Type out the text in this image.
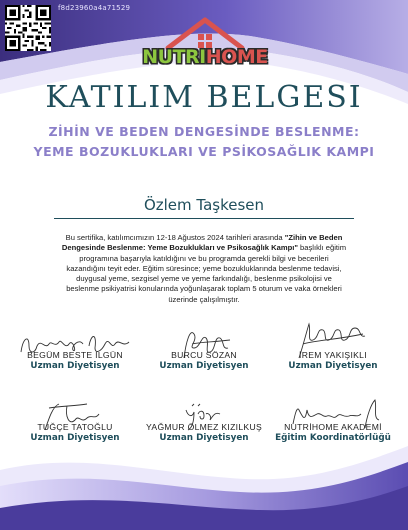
f8d23960a4a71529
NUTRIHOME
KATILIM BELGESI
ZİHİN VE BEDEN DENGESİNDE BESLENME:
YEME BOZUKLUKLARI VE PSİKOSAĞLIK KAMPI
Özlem Taşkesen
Bu sertifika, katılımcımızın 12-18 Ağustos 2024 tarihleri arasında "Zihin ve Beden
Dengesinde Beslenme: Yeme Bozuklukları ve Psikosağlık Kampı" başlıklı eğitim
programına başarıyla katıldığını ve bu programda gerekli bilgi ve becerileri
kazandığını teyit eder. Eğitim süresince; yeme bozukluklarında beslenme tedavisi,
duygusal yeme, sezgisel yeme ve yeme farkındalığı, beslenme psikolojisi ve
beslenme psikiyatrisi konularında yoğunlaşarak toplam 5 oturum ve vaka örnekleri
üzerinde çalışılmıştır.
BEGÜM BESTE İLGÜN
Uzman Diyetisyen
BURCU SÖZAN
Uzman Diyetisyen
İREM YAKIŞIKLI
Uzman Diyetisyen
TUĞÇE TATOĞLU
Uzman Diyetisyen
YAĞMUR ÖLMEZ KIZILKUŞ
Uzman Diyetisyen
NUTRİHOME AKADEMİ
Eğitim Koordinatörlüğü
